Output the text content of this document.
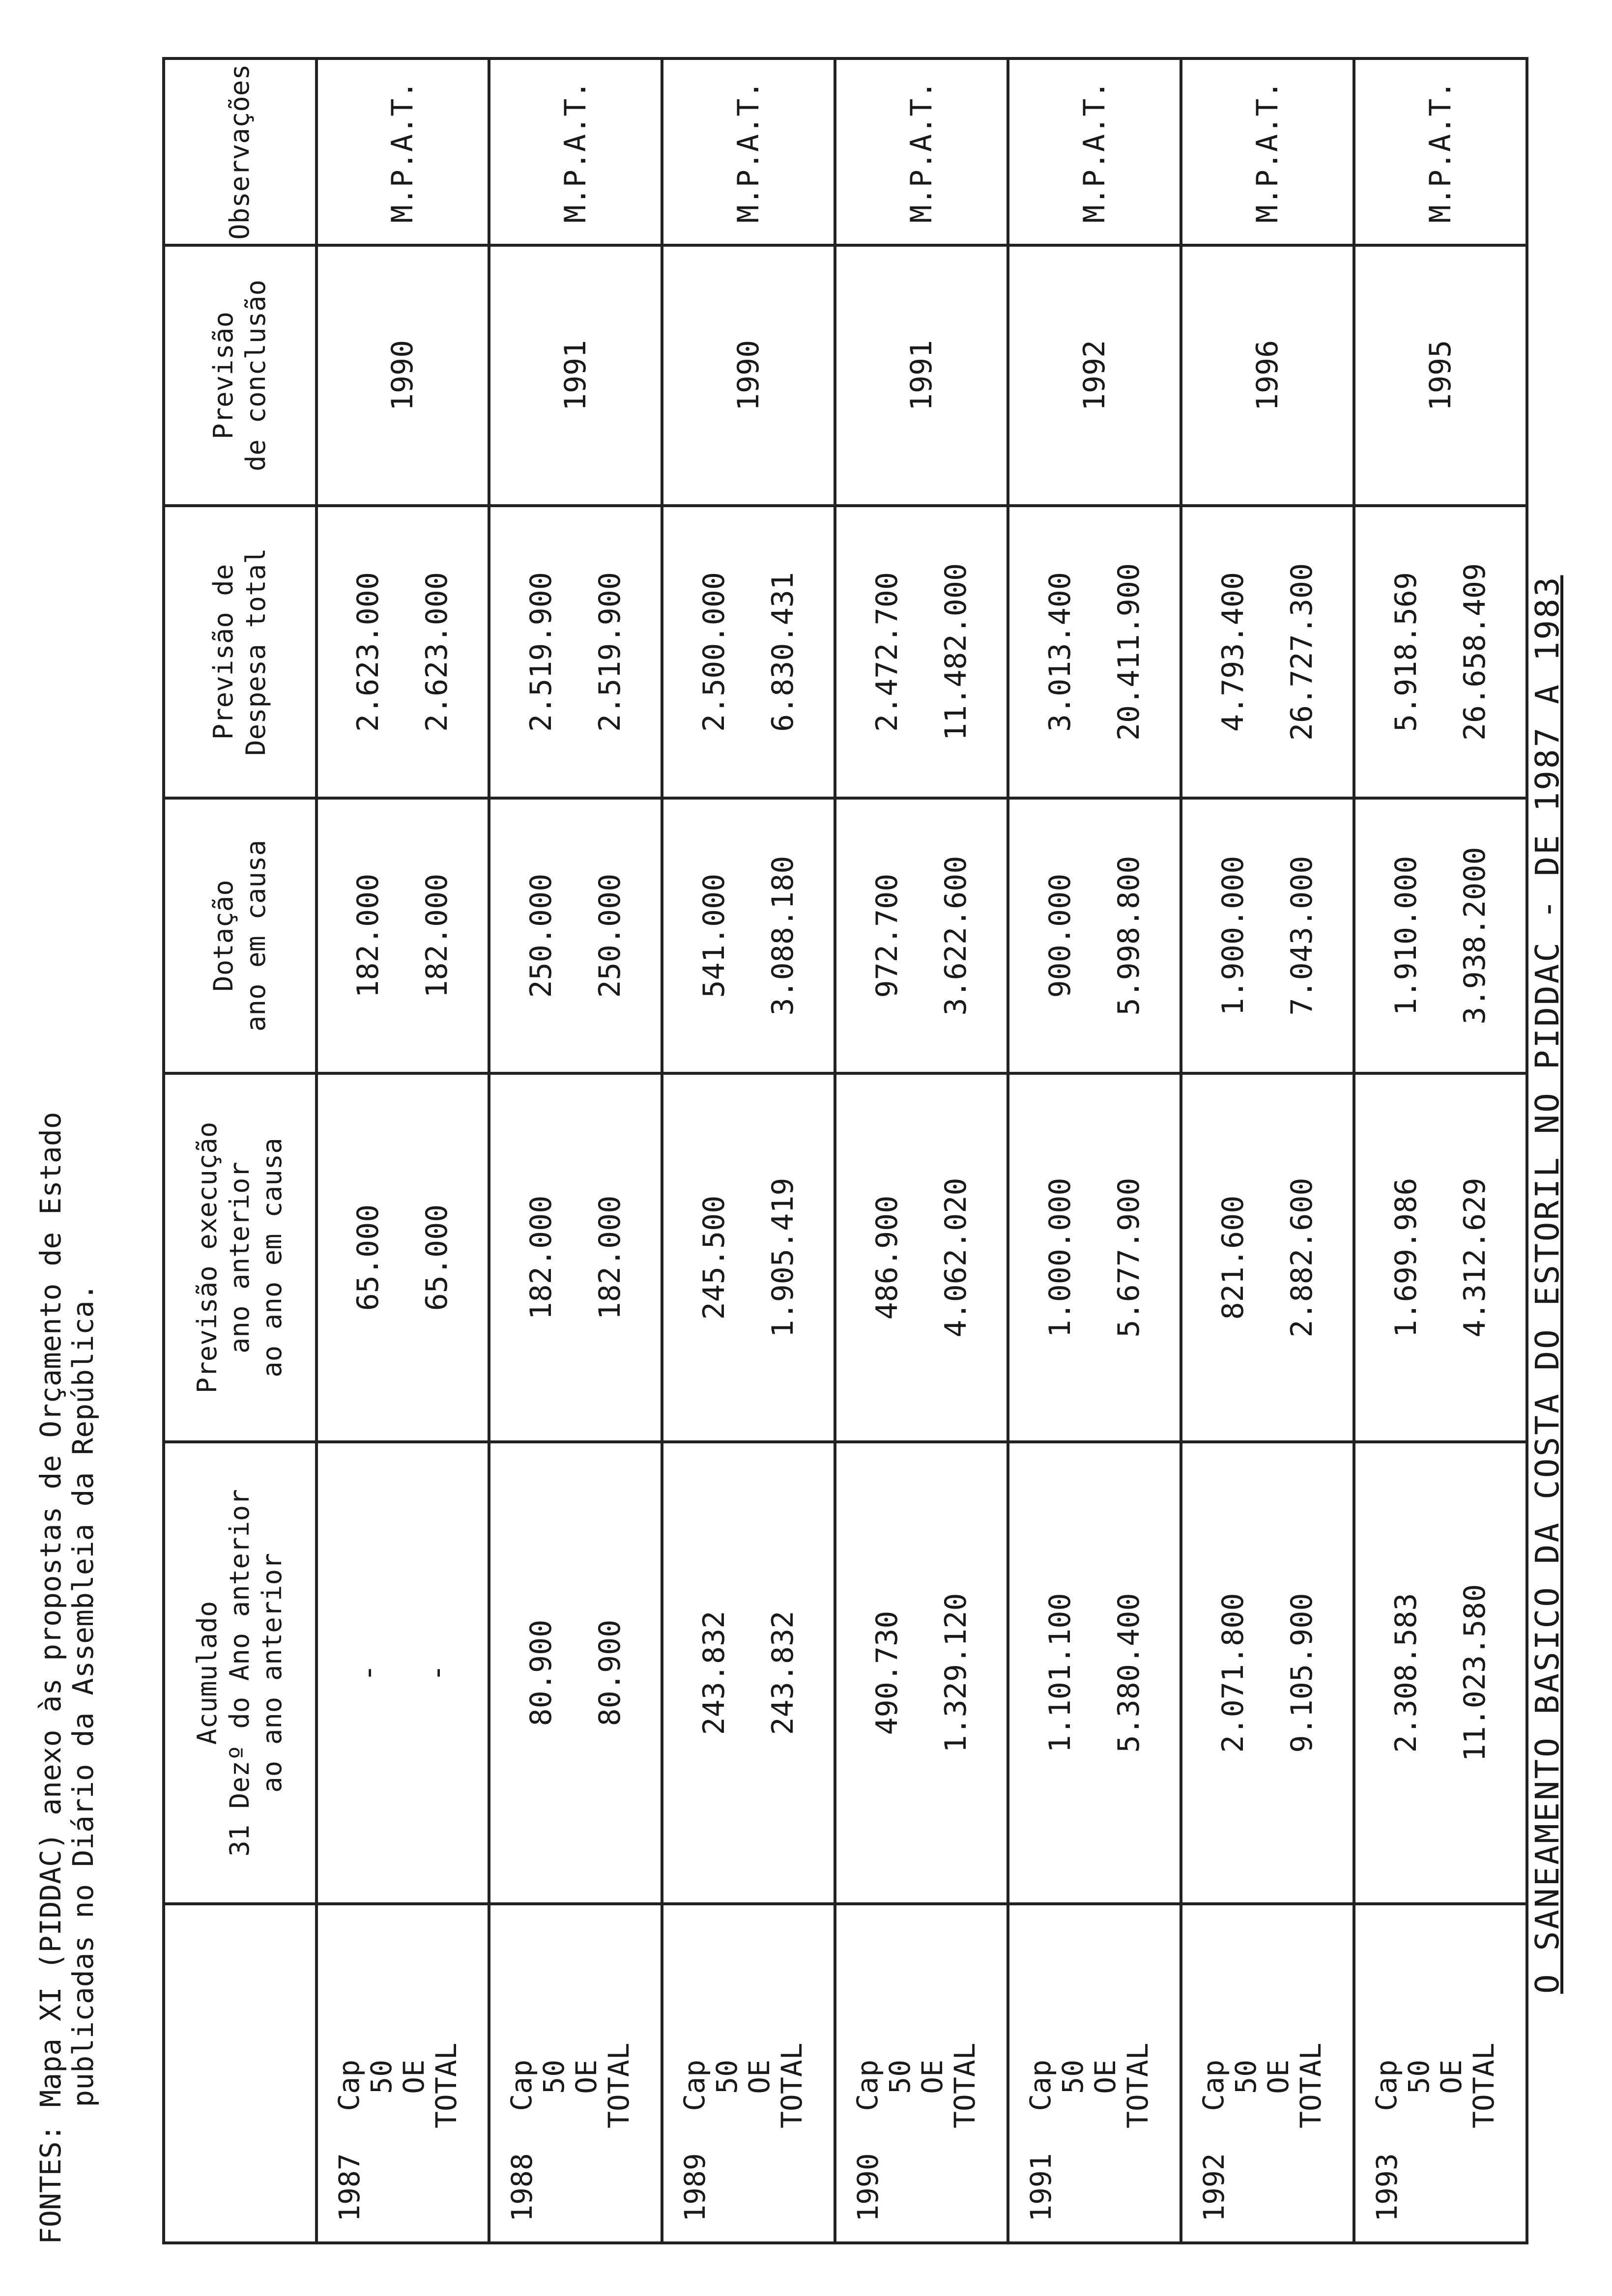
O SANEAMENTO BASICO DA COSTA DO ESTORIL NO PIDDAC - DE 1987 A 1983

	Acumulado 31 Dezº do Ano anterior ao ano anterior	Previsão execução ano anterior ao ano em causa	Dotação ano em causa	Previsão de Despesa total	Previsão de conclusão	Observações

1987
Cap 50
OE
TOTAL	- -	65.000 65.000	182.000 182.000	2.623.000 2.623.000	1990	M.P.A.T.

1988
Cap 50
OE
TOTAL	80.900 80.900	182.000 182.000	250.000 250.000	2.519.900 2.519.900	1991	M.P.A.T.

1989
Cap 50
OE
TOTAL	243.832 243.832	245.500 1.905.419	541.000 3.088.180	2.500.000 6.830.431	1990	M.P.A.T.

1990
Cap 50
OE
TOTAL	490.730 1.329.120	486.900 4.062.020	972.700 3.622.600	2.472.700 11.482.000	1991	M.P.A.T.

1991
Cap 50
OE
TOTAL	1.101.100 5.380.400	1.000.000 5.677.900	900.000 5.998.800	3.013.400 20.411.900	1992	M.P.A.T.

1992
Cap 50
OE
TOTAL	2.071.800 9.105.900	821.600 2.882.600	1.900.000 7.043.000	4.793.400 26.727.300	1996	M.P.A.T.

1993
Cap 50
OE
TOTAL	2.308.583 11.023.580	1.699.986 4.312.629	1.910.000 3.938.2000	5.918.569 26.658.409	1995	M.P.A.T.
FONTES: Mapa XI (PIDDAC) anexo às propostas de Orçamento de Estado
publicadas no Diário da Assembleia da República.
